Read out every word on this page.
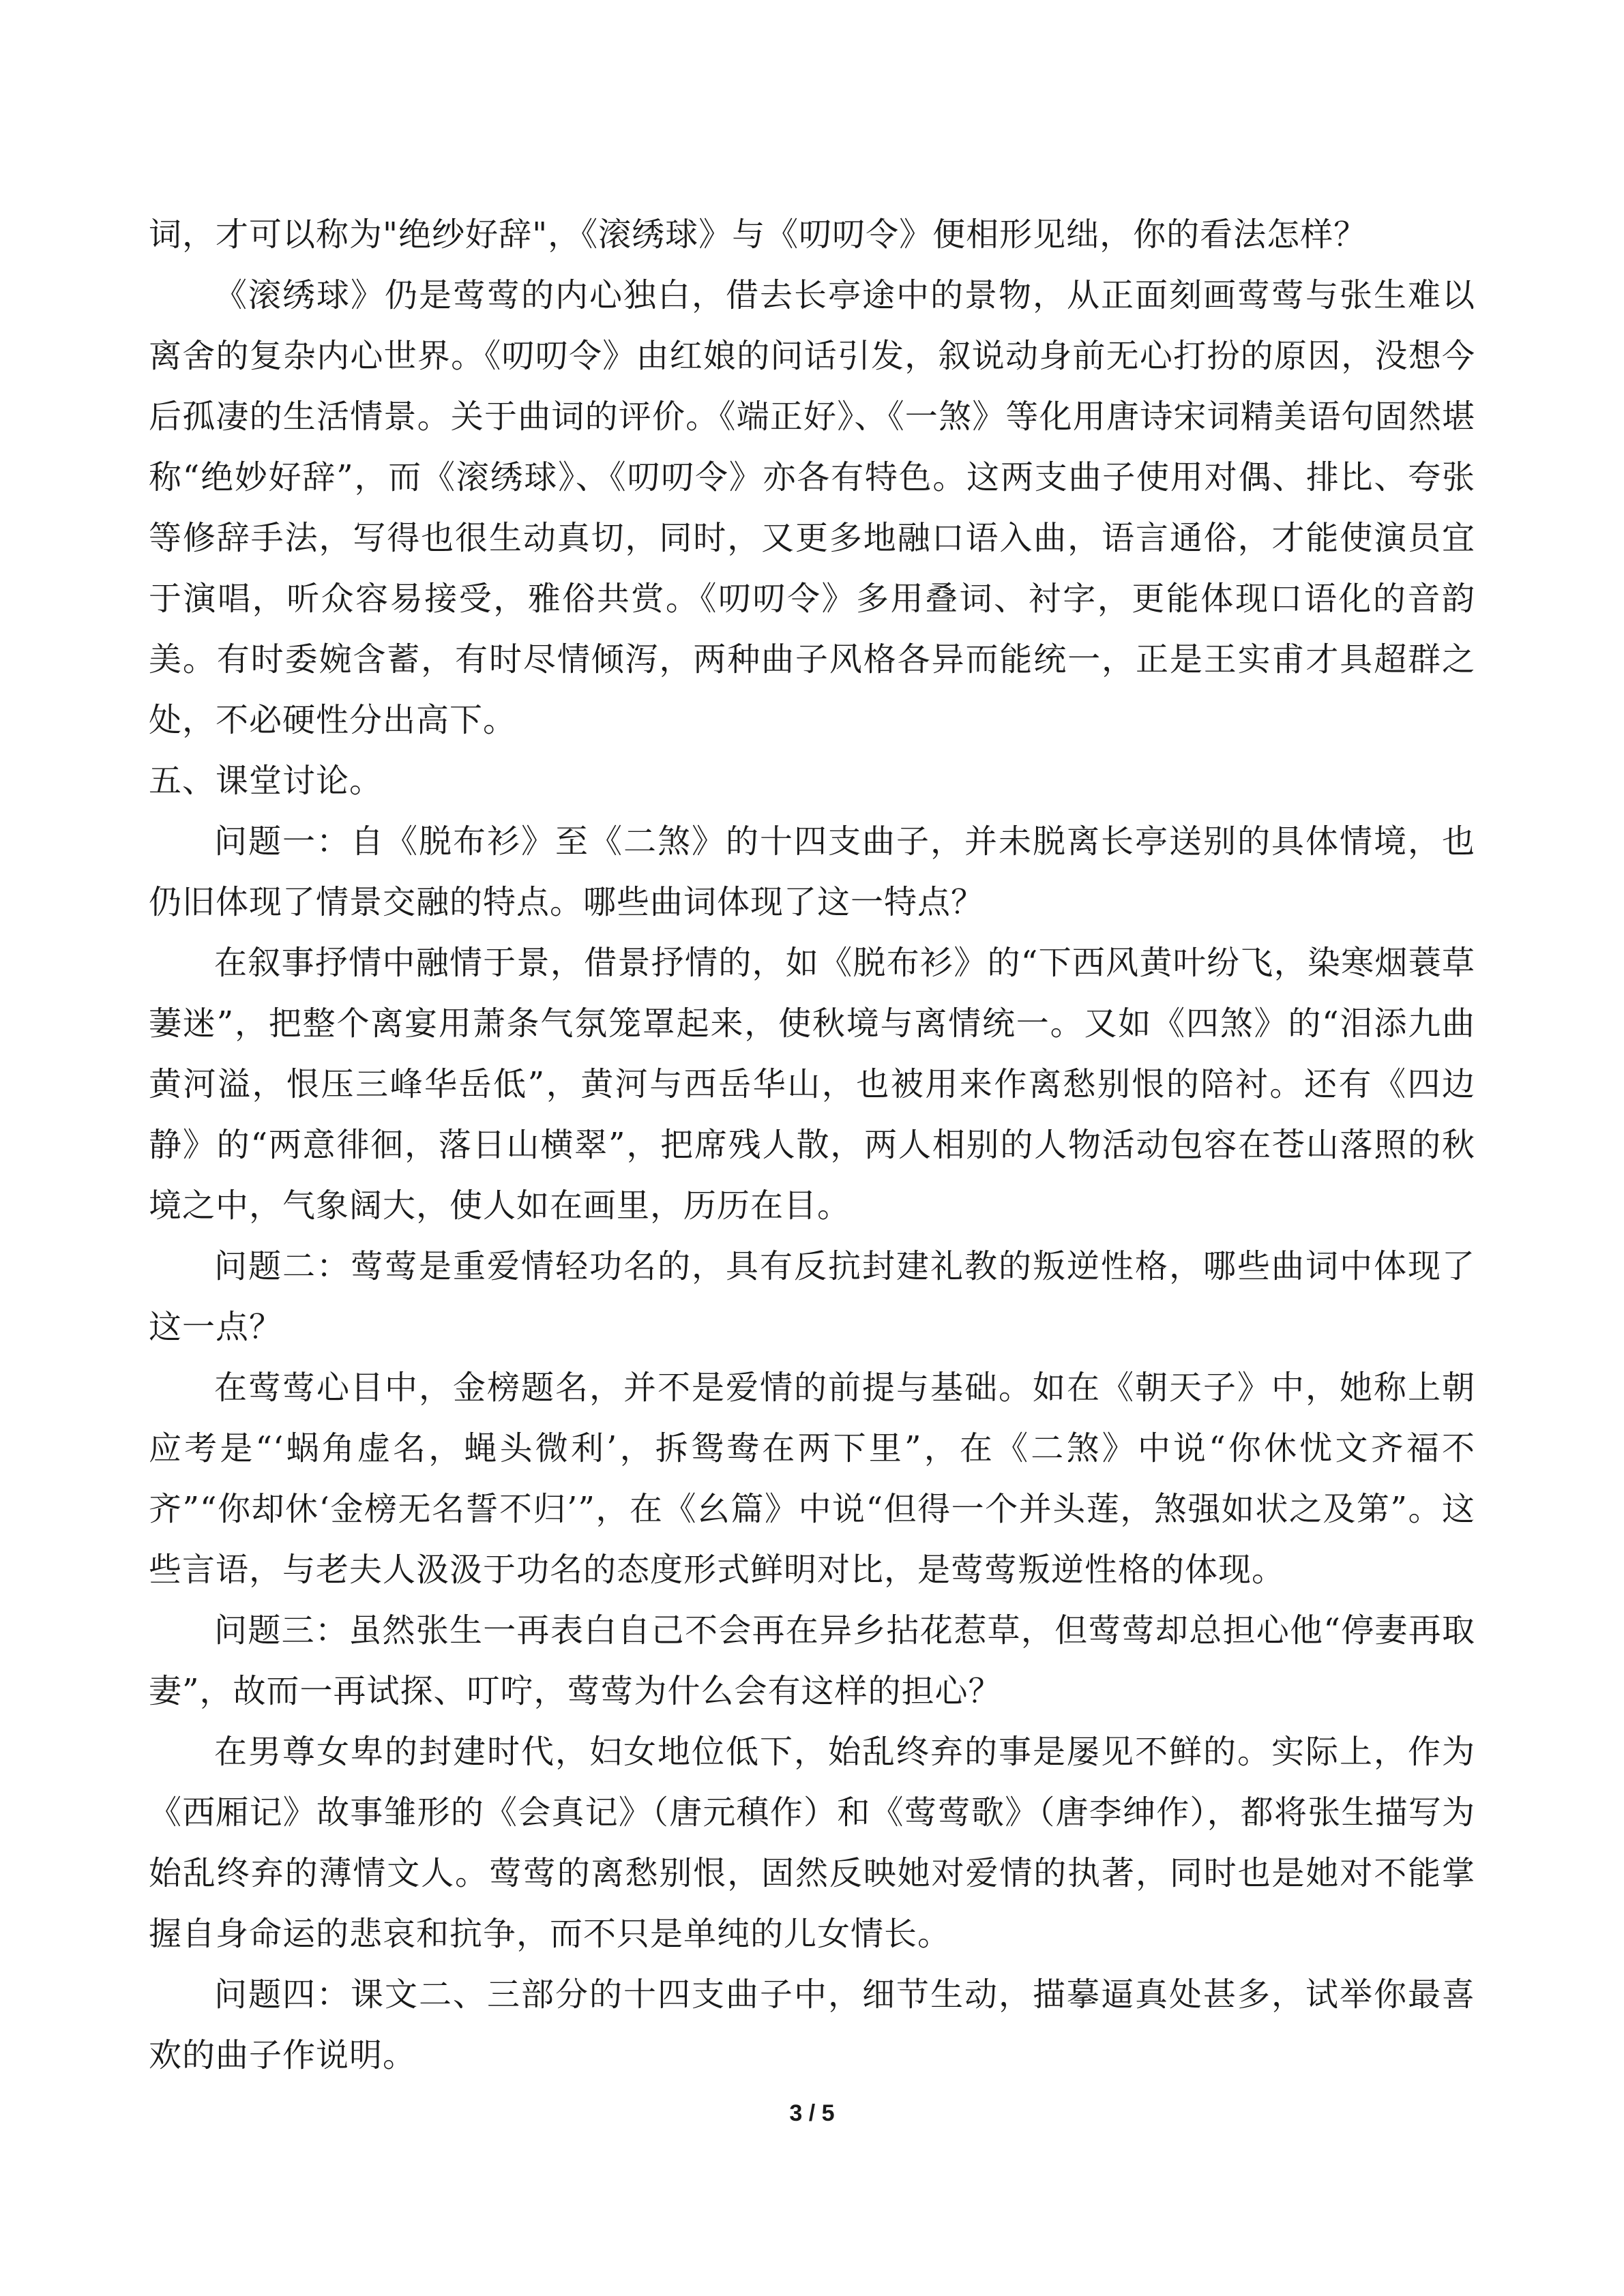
词，才可以称为"绝纱好辞"，《滚绣球》与《叨叨令》便相形见绌，你的看法怎样？

《滚绣球》仍是莺莺的内心独白，借去长亭途中的景物，从正面刻画莺莺与张生难以离舍的复杂内心世界。《叨叨令》由红娘的问话引发，叙说动身前无心打扮的原因，没想今后孤凄的生活情景。关于曲词的评价。《端正好》、《一煞》等化用唐诗宋词精美语句固然堪称“绝妙好辞”，而《滚绣球》、《叨叨令》亦各有特色。这两支曲子使用对偶、排比、夸张等修辞手法，写得也很生动真切，同时，又更多地融口语入曲，语言通俗，才能使演员宜于演唱，听众容易接受，雅俗共赏。《叨叨令》多用叠词、衬字，更能体现口语化的音韵美。有时委婉含蓄，有时尽情倾泻，两种曲子风格各异而能统一，正是王实甫才具超群之处，不必硬性分出高下。

五、课堂讨论。

问题一：自《脱布衫》至《二煞》的十四支曲子，并未脱离长亭送别的具体情境，也仍旧体现了情景交融的特点。哪些曲词体现了这一特点？

在叙事抒情中融情于景，借景抒情的，如《脱布衫》的“下西风黄叶纷飞，染寒烟蓑草萋迷”，把整个离宴用萧条气氛笼罩起来，使秋境与离情统一。又如《四煞》的“泪添九曲黄河溢，恨压三峰华岳低”，黄河与西岳华山，也被用来作离愁别恨的陪衬。还有《四边静》的“两意徘徊，落日山横翠”，把席残人散，两人相别的人物活动包容在苍山落照的秋境之中，气象阔大，使人如在画里，历历在目。

问题二：莺莺是重爱情轻功名的，具有反抗封建礼教的叛逆性格，哪些曲词中体现了这一点？

在莺莺心目中，金榜题名，并不是爱情的前提与基础。如在《朝天子》中，她称上朝应考是“‘蜗角虚名，蝇头微利’，拆鸳鸯在两下里”，在《二煞》中说“你休忧文齐福不齐”“你却休‘金榜无名誓不归’”，在《幺篇》中说“但得一个并头莲，煞强如状之及第”。这些言语，与老夫人汲汲于功名的态度形式鲜明对比，是莺莺叛逆性格的体现。

问题三：虽然张生一再表白自己不会再在异乡拈花惹草，但莺莺却总担心他“停妻再取妻”，故而一再试探、叮咛，莺莺为什么会有这样的担心？

在男尊女卑的封建时代，妇女地位低下，始乱终弃的事是屡见不鲜的。实际上，作为《西厢记》故事雏形的《会真记》（唐元稹作）和《莺莺歌》（唐李绅作），都将张生描写为始乱终弃的薄情文人。莺莺的离愁别恨，固然反映她对爱情的执著，同时也是她对不能掌握自身命运的悲哀和抗争，而不只是单纯的儿女情长。

问题四：课文二、三部分的十四支曲子中，细节生动，描摹逼真处甚多，试举你最喜欢的曲子作说明。

3 / 5
